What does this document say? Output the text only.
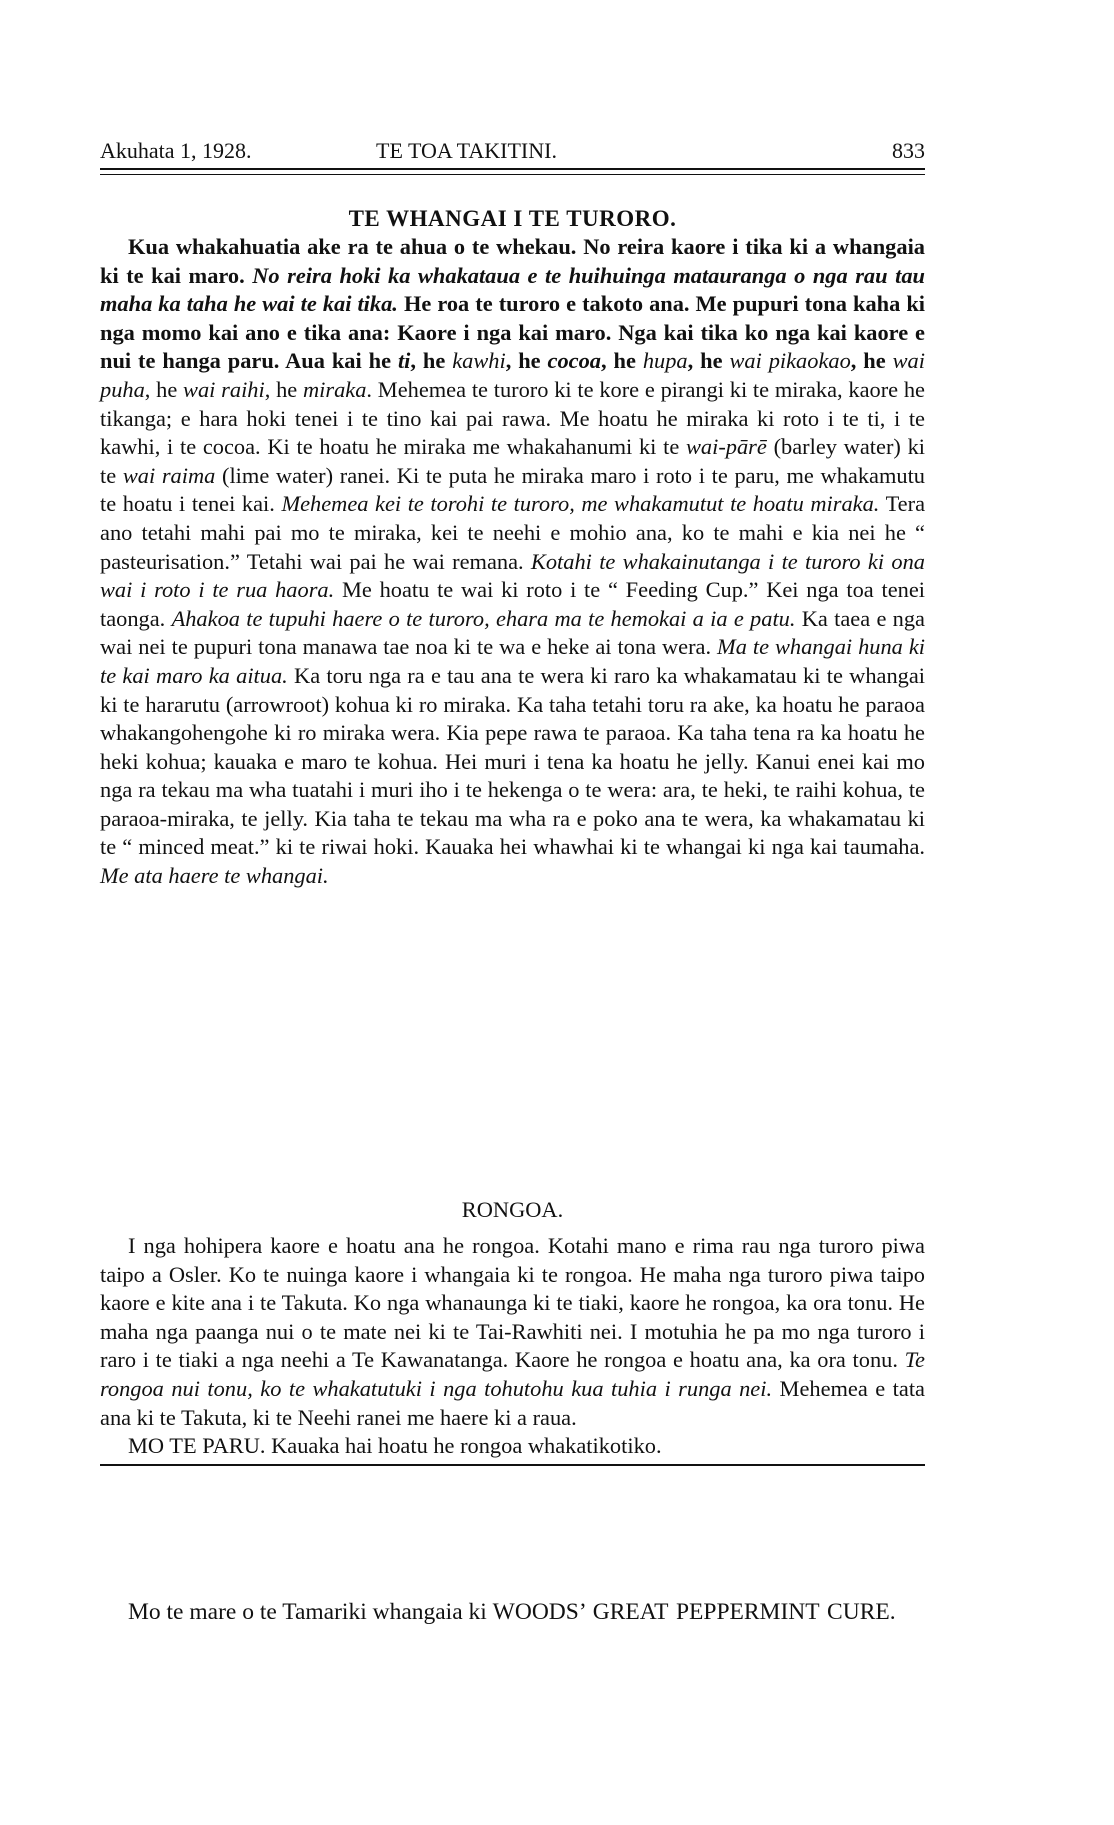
Akuhata 1, 1928.	TE TOA TAKITINI.	833

TE WHANGAI I TE TURORO.

Kua whakahuatia ake ra te ahua o te whekau. No reira kaore i tika ki a whangaia ki te kai maro. No reira hoki ka whakatauа e te huihuinga matauranga o nga rau tau maha ka taha he wai te kai tika. He roa te turoro e takoto ana. Me pupuri tona kaha ki nga momo kai ano e tika ana: Kaore i nga kai maro. Nga kai tika ko nga kai kaore e nui te hanga paru. Aua kai he ti, he kawhi, he cocoa, he hupa, he wai pikaokao, he wai puha, he wai raihi, he miraka. Mehemea te turoro ki te kore e pirangi ki te miraka, kaore he tikanga; e hara hoki tenei i te tino kai pai rawa. Me hoatu he miraka ki roto i te ti, i te kawhi, i te cocoa. Ki te hoatu he miraka me whakahanumi ki te wai-pārē (barley water) ki te wai raima (lime water) ranei. Ki te puta he miraka maro i roto i te paru, me whakamutu te hoatu i tenei kai. Mehemea kei te torohi te turoro, me whakamutut te hoatu miraka. Tera ano tetahi mahi pai mo te miraka, kei te neehi e mohio ana, ko te mahi e kia nei he “ pasteurisation.” Tetahi wai pai he wai remana. Kotahi te whakainutanga i te turoro ki ona wai i roto i te rua haora. Me hoatu te wai ki roto i te “ Feeding Cup.” Kei nga toa tenei taonga. Ahakoa te tupuhi haere o te turoro, ehara ma te hemokai a ia e patu. Ka taea e nga wai nei te pupuri tona manawa tae noa ki te wa e heke ai tona wera. Ma te whangai huna ki te kai maro ka aitua. Ka toru nga ra e tau ana te wera ki raro ka whakamatau ki te whangai ki te hararutu (arrowroot) kohua ki ro miraka. Ka taha tetahi toru ra ake, ka hoatu he paraoa whakangohengohe ki ro miraka wera. Kia pepe rawa te paraoa. Ka taha tena ra ka hoatu he heki kohua; kauaka e maro te kohua. Hei muri i tena ka hoatu he jelly. Kanui enei kai mo nga ra tekau ma wha tuatahi i muri iho i te hekenga o te wera: ara, te heki, te raihi kohua, te paraoa-miraka, te jelly. Kia taha te tekau ma wha ra e poko ana te wera, ka whakamatau ki te “ minced meat.” ki te riwai hoki. Kauaka hei whawhai ki te whangai ki nga kai taumaha. Me ata haere te whangai.

RONGOA.

I nga hohipera kaore e hoatu ana he rongoa. Kotahi mano e rima rau nga turoro piwa taipo a Osler. Ko te nuinga kaore i whangaia ki te rongoa. He maha nga turoro piwa taipo kaore e kite ana i te Takuta. Ko nga whanaunga ki te tiaki, kaore he rongoa, ka ora tonu. He maha nga paanga nui o te mate nei ki te Tai-Rawhiti nei. I motuhia he pa mo nga turoro i raro i te tiaki a nga neehi a Te Kawanatanga. Kaore he rongoa e hoatu ana, ka ora tonu. Te rongoa nui tonu, ko te whakatutuki i nga tohutohu kua tuhia i runga nei. Mehemea e tata ana ki te Takuta, ki te Neehi ranei me haere ki a raua.

MO TE PARU. Kauaka hai hoatu he rongoa whakatikotiko.

Mo te mare o te Tamariki whangaia ki WOODS’ GREAT PEPPERMINT CURE.
